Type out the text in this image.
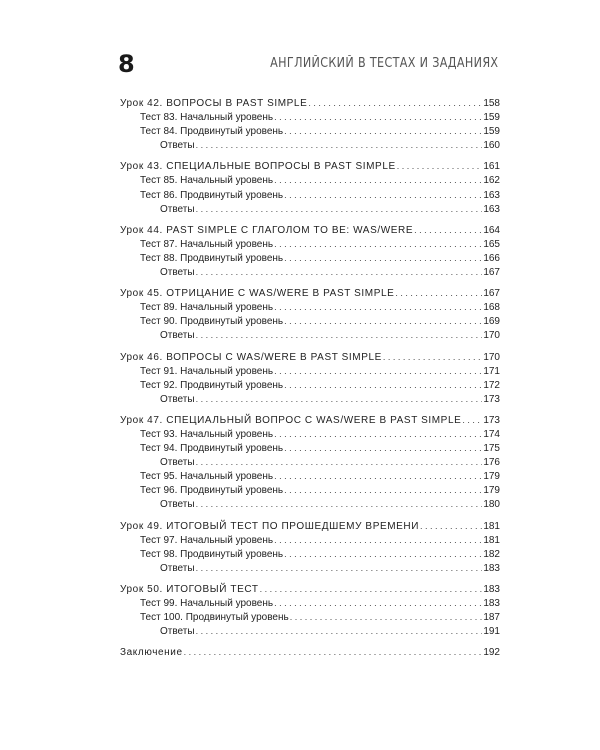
8	АНГЛИЙСКИЙ В ТЕСТАХ И ЗАДАНИЯХ
Урок 42. ВОПРОСЫ В PAST SIMPLE . . .	158
Тест 83. Начальный уровень . . .	159
Тест 84. Продвинутый уровень . . .	159
Ответы . . .	160
Урок 43. СПЕЦИАЛЬНЫЕ ВОПРОСЫ В PAST SIMPLE . . .	161
Тест 85. Начальный уровень . . .	162
Тест 86. Продвинутый уровень . . .	163
Ответы . . .	163
Урок 44. PAST SIMPLE С ГЛАГОЛОМ TO BE: WAS/WERE . . .	164
Тест 87. Начальный уровень . . .	165
Тест 88. Продвинутый уровень . . .	166
Ответы . . .	167
Урок 45. ОТРИЦАНИЕ С WAS/WERE В PAST SIMPLE . . .	167
Тест 89. Начальный уровень . . .	168
Тест 90. Продвинутый уровень . . .	169
Ответы . . .	170
Урок 46. ВОПРОСЫ С WAS/WERE В PAST SIMPLE . . .	170
Тест 91. Начальный уровень . . .	171
Тест 92. Продвинутый уровень . . .	172
Ответы . . .	173
Урок 47. СПЕЦИАЛЬНЫЙ ВОПРОС С WAS/WERE В PAST SIMPLE . . . 173
Тест 93. Начальный уровень . . .	174
Тест 94. Продвинутый уровень . . .	175
Ответы . . .	176
Тест 95. Начальный уровень . . .	179
Тест 96. Продвинутый уровень . . .	179
Ответы . . .	180
Урок 49. ИТОГОВЫЙ ТЕСТ ПО ПРОШЕДШЕМУ ВРЕМЕНИ . . .	181
Тест 97. Начальный уровень . . .	181
Тест 98. Продвинутый уровень . . .	182
Ответы . . .	183
Урок 50. ИТОГОВЫЙ ТЕСТ . . .	183
Тест 99. Начальный уровень . . .	183
Тест 100. Продвинутый уровень . . .	187
Ответы . . .	191
Заключение . . .	192
